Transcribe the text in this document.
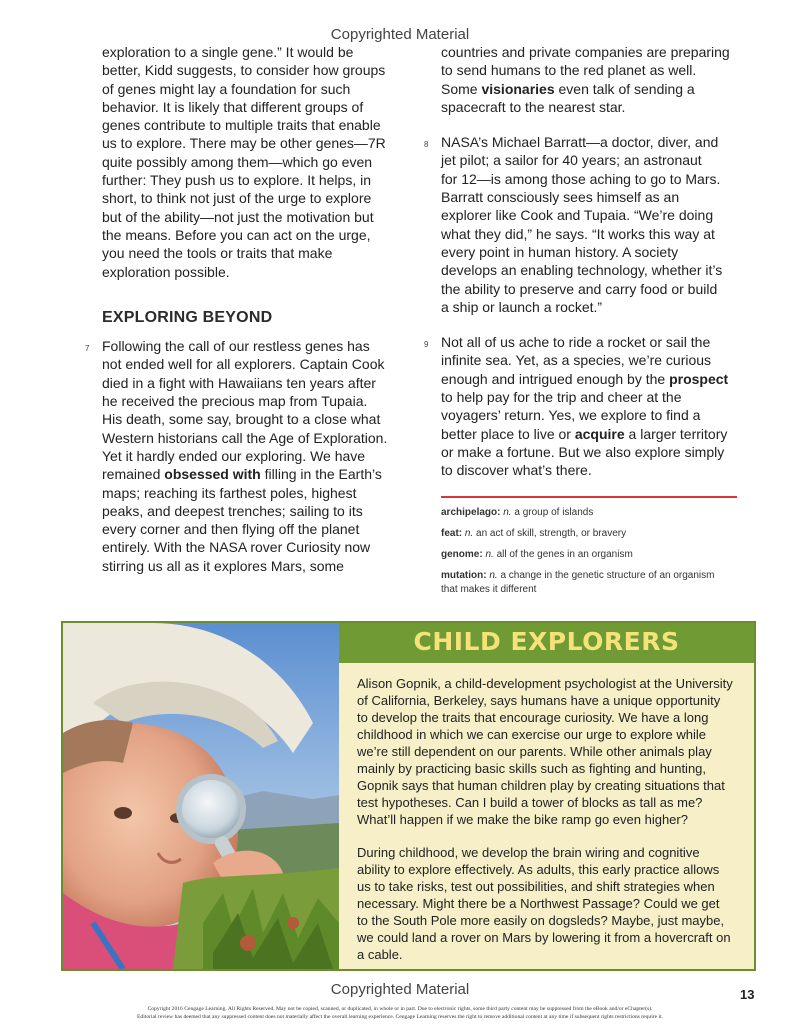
Copyrighted Material

exploration to a single gene.” It would be
better, Kidd suggests, to consider how groups
of genes might lay a foundation for such
behavior. It is likely that different groups of
genes contribute to multiple traits that enable
us to explore. There may be other genes—7R
quite possibly among them—which go even
further: They push us to explore. It helps, in
short, to think not just of the urge to explore
but of the ability—not just the motivation but
the means. Before you can act on the urge,
you need the tools or traits that make
exploration possible.

EXPLORING BEYOND

7 Following the call of our restless genes has
not ended well for all explorers. Captain Cook
died in a fight with Hawaiians ten years after
he received the precious map from Tupaia.
His death, some say, brought to a close what
Western historians call the Age of Exploration.
Yet it hardly ended our exploring. We have
remained obsessed with filling in the Earth’s
maps; reaching its farthest poles, highest
peaks, and deepest trenches; sailing to its
every corner and then flying off the planet
entirely. With the NASA rover Curiosity now
stirring us all as it explores Mars, some

countries and private companies are preparing
to send humans to the red planet as well.
Some visionaries even talk of sending a
spacecraft to the nearest star.

8 NASA’s Michael Barratt—a doctor, diver, and
jet pilot; a sailor for 40 years; an astronaut
for 12—is among those aching to go to Mars.
Barratt consciously sees himself as an
explorer like Cook and Tupaia. “We’re doing
what they did,” he says. “It works this way at
every point in human history. A society
develops an enabling technology, whether it’s
the ability to preserve and carry food or build
a ship or launch a rocket.”

9 Not all of us ache to ride a rocket or sail the
infinite sea. Yet, as a species, we’re curious
enough and intrigued enough by the prospect
to help pay for the trip and cheer at the
voyagers’ return. Yes, we explore to find a
better place to live or acquire a larger territory
or make a fortune. But we also explore simply
to discover what’s there.

archipelago: n. a group of islands
feat: n. an act of skill, strength, or bravery
genome: n. all of the genes in an organism
mutation: n. a change in the genetic structure of an organism
that makes it different
CHILD EXPLORERS

Alison Gopnik, a child-development psychologist at the University
of California, Berkeley, says humans have a unique opportunity
to develop the traits that encourage curiosity. We have a long
childhood in which we can exercise our urge to explore while
we’re still dependent on our parents. While other animals play
mainly by practicing basic skills such as fighting and hunting,
Gopnik says that human children play by creating situations that
test hypotheses. Can I build a tower of blocks as tall as me?
What’ll happen if we make the bike ramp go even higher?

During childhood, we develop the brain wiring and cognitive
ability to explore effectively. As adults, this early practice allows
us to take risks, test out possibilities, and shift strategies when
necessary. Might there be a Northwest Passage? Could we get
to the South Pole more easily on dogsleds? Maybe, just maybe,
we could land a rover on Mars by lowering it from a hovercraft on
a cable.

Copyrighted Material	13
Copyright 2016 Cengage Learning. All Rights Reserved. May not be copied, scanned, or duplicated, in whole or in part. Due to electronic rights, some third party content may be suppressed from the eBook and/or eChapter(s).
Editorial review has deemed that any suppressed content does not materially affect the overall learning experience. Cengage Learning reserves the right to remove additional content at any time if subsequent rights restrictions require it.
